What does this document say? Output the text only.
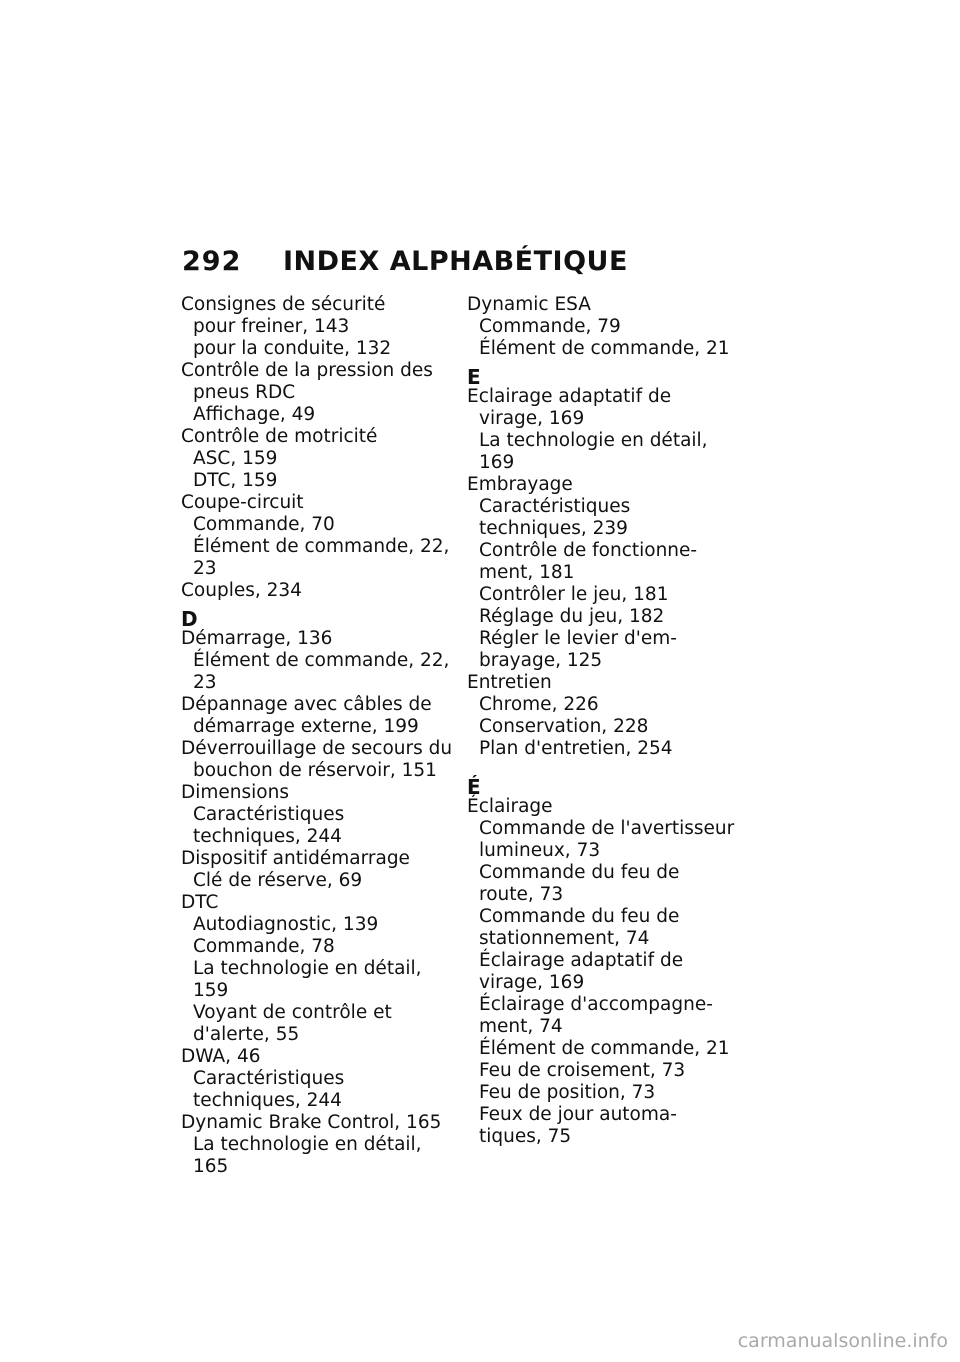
292 INDEX ALPHABÉTIQUE
Consignes de sécurité
pour freiner, 143
pour la conduite, 132
Contrôle de la pression des
pneus RDC
Affichage, 49
Contrôle de motricité
ASC, 159
DTC, 159
Coupe-circuit
Commande, 70
Élément de commande, 22,
23
Couples, 234
D
Démarrage, 136
Élément de commande, 22,
23
Dépannage avec câbles de
démarrage externe, 199
Déverrouillage de secours du
bouchon de réservoir, 151
Dimensions
Caractéristiques
techniques, 244
Dispositif antidémarrage
Clé de réserve, 69
DTC
Autodiagnostic, 139
Commande, 78
La technologie en détail, 159
Voyant de contrôle et
d'alerte, 55
DWA, 46
Caractéristiques
techniques, 244
Dynamic Brake Control, 165
La technologie en détail, 165
Dynamic ESA
Commande, 79
Élément de commande, 21
E
Eclairage adaptatif de
virage, 169
La technologie en détail, 169
Embrayage
Caractéristiques
techniques, 239
Contrôle de fonctionne-
ment, 181
Contrôler le jeu, 181
Réglage du jeu, 182
Régler le levier d'em-
brayage, 125
Entretien
Chrome, 226
Conservation, 228
Plan d'entretien, 254
É
Éclairage
Commande de l'avertisseur
lumineux, 73
Commande du feu de
route, 73
Commande du feu de
stationnement, 74
Éclairage adaptatif de
virage, 169
Éclairage d'accompagne-
ment, 74
Élément de commande, 21
Feu de croisement, 73
Feu de position, 73
Feux de jour automa-
tiques, 75
carmanualsonline.info
